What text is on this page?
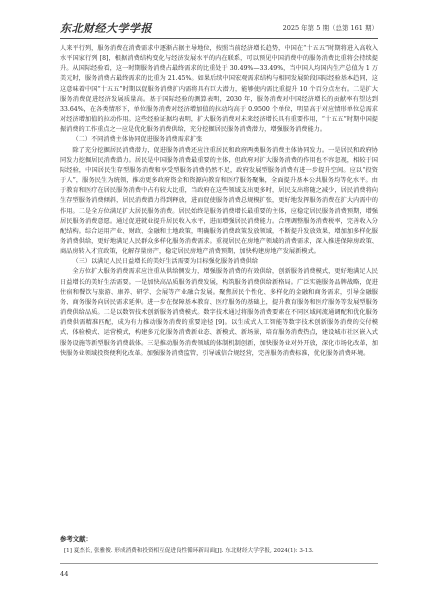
东北财经大学学报	2025 年第 5 期（总第 161 期）

人来平行列，服务消费在消费需求中逐渐占据主导地位，按照当前经济增长趋势，中国在“十五五”时期将进入高收入水平国家行列 [8]，根据消费结构变化与经济发展水平的内在联系，可以预见中国消费中的服务消费比重将会持续提升。从国际经验看，这一时期服务消费占最终需求的比重处于 30.49%—33.49%，当中国人均国内生产总值为 1 万美元时，服务消费占最终需求的比重为 21.45%。如果后续中国宏观需求结构与相同发展阶段国际经验基本趋同，这这意味着中国“十五五”时期以促服务消费扩内需将具有巨大潜力，能够使内需比重提升 10 个百分点左右。二是扩大服务消费促进经济发展质量高。基于国际经验的测算表明，2030 年，服务消费对中国经济增长的贡献率有望达到 33.64%，在各类情形下，单位服务消费对经济增加值的拉动均高于 0.9500 个单位，明显高于对应情形单位总需求对经济增加值的拉动作用。这些经验证据均表明，扩大服务消费对未来经济增长具有重要作用，“十五五”时期中国提振消费的工作重点之一应是优化服务消费供给，充分挖掘居民服务消费潜力，增强服务消费能力。

（二）不同消费主体协同促进服务消费需求扩张

除了充分挖掘居民消费潜力，促进服务消费还应注重居民和政府两类服务消费主体协同发力。一是居民和政府协同发力挖掘居民消费潜力。居民是中国服务消费最重要的主体，但政府对扩大服务消费的作用也不容忽视，相较于国际经验，中国居民生存型服务消费和享受型服务消费仍然不足，政府发展型服务消费有进一步提升空间。应以“投资于人”，服务民生为统领，推动更多政府资金和资源向教育和医疗服务聚集，全面提升基本公共服务均等化水平。由于教育和医疗在居民服务消费中占有较大比重，当政府在这些领域支出更多时，居民支出将随之减少，居民消费将向生存型服务消费倾斜，居民消费潜力得到释放，进而促使服务消费总规模扩张，更好地发挥服务消费在扩大内需中的作用。二是全方位满足扩大居民服务消费。居民始终是服务消费增长最重要的主体，应稳定居民服务消费预期，增强居民服务消费意愿。通过促进就业提升居民收入水平，进而增强居民消费能力。合理调整服务消费税率，完善收入分配结构。综合运用产业、财政、金融和土地政策，明确服务消费政策发放领域，不断提升发放效果，增加加多样化服务消费供给，更好地满足人民群众多样化服务消费需求。重视居民在房地产领域的消费需求，深入推进保障房政策、商品房转入才宜政策，化解存量房产，稳定居民房地产消费预期，加快构建房地产发展新模式。

（三）以满足人民日益增长的美好生活需要为目标强化服务消费供给

全方位扩大服务消费需求应注重从供给侧发力，增强服务消费的有效供给，创新服务消费模式，更好地满足人民日益增长的美好生活需要。一是加快高品质服务消费发展，构筑服务消费供给新格局。广泛实施服务品牌战略，促进住宿和餐饮与旅游、康养、研学、会展等产业融合发展。聚焦居民个性化、多样化的金融和商务需求，引导金融服务、商务服务向居民需求延伸。进一步在保障基本教育、医疗服务的基础上，提升教育服务和医疗服务等发展型服务消费供给品质。二是以数智技术创新服务消费模式。数字技术通过将服务消费要素在不同区域间流通调配和优化服务消费供需精准匹配，成为有力推动服务消费的重要途径 [9]。以生成式人工智能等数字技术创新服务消费的交付模式、体验模式、运营模式，构建多元化服务消费新业态、新模式、新场景，培育服务消费热点，建设城市社区嵌入式服务设施等新型服务消费载体。三是推动服务消费领域的体制机制创新，加快服务业对外开放，深化市场化改革，加快服务业领域投资便利化改革。加强服务消费监管，引导诚信合规经营，完善服务消费标准，优化服务消费环境。

参考文献：
[1] 夏杰长, 张雅俊. 形成消费和投资相互促进良性循环新局面[J]. 东北财经大学学报, 2024(1): 3-13.
44
